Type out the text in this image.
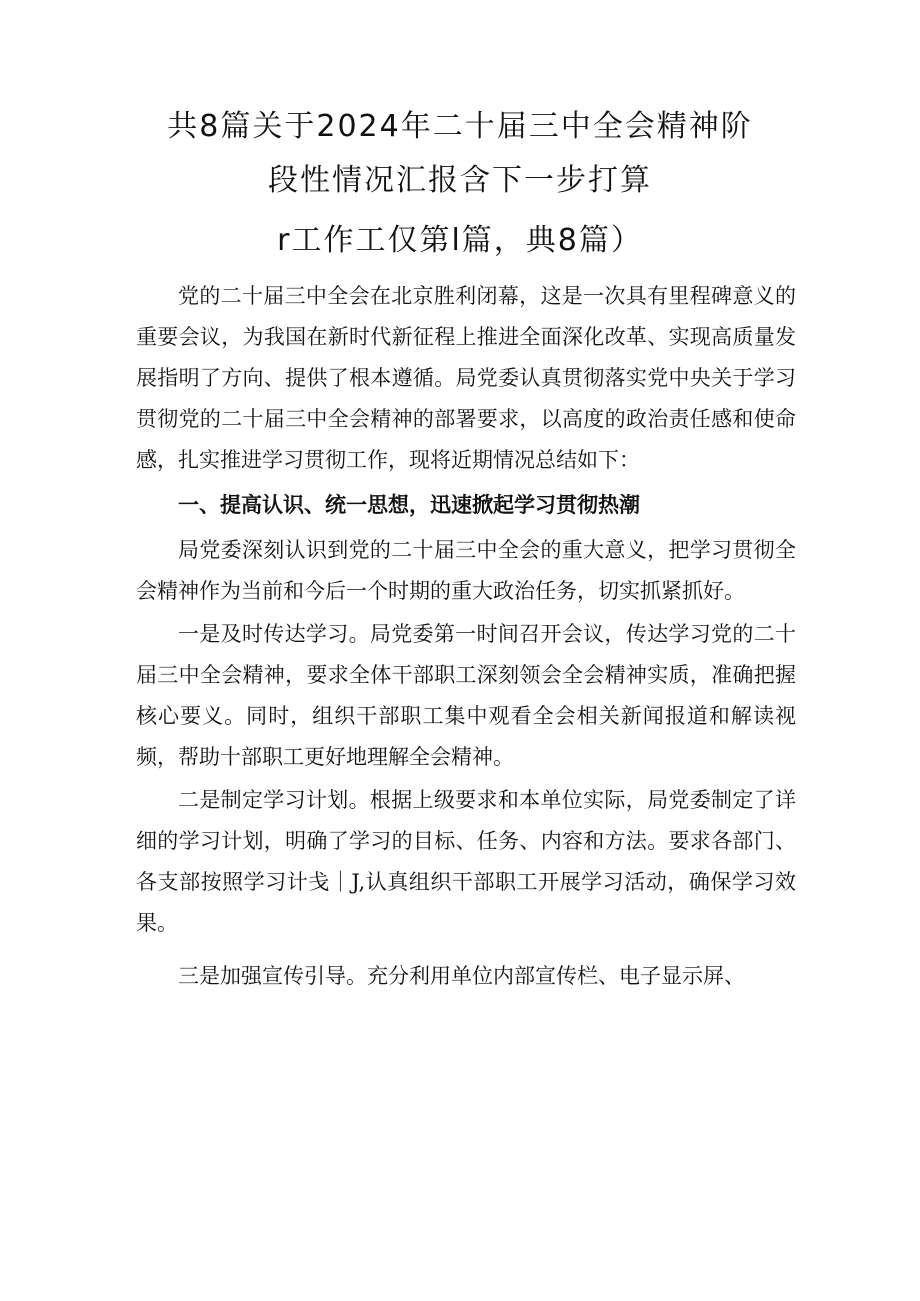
共8篇关于2024年二十届三中全会精神阶
段性情况汇报含下一步打算
r工作工仅第l篇，典8篇）

党的二十届三中全会在北京胜利闭幕，这是一次具有里程碑意义的重要会议，为我国在新时代新征程上推进全面深化改革、实现高质量发展指明了方向、提供了根本遵循。局党委认真贯彻落实党中央关于学习贯彻党的二十届三中全会精神的部署要求，以高度的政治责任感和使命感，扎实推进学习贯彻工作，现将近期情况总结如下：

一、提高认识、统一思想，迅速掀起学习贯彻热潮

局党委深刻认识到党的二十届三中全会的重大意义，把学习贯彻全会精神作为当前和今后一个时期的重大政治任务，切实抓紧抓好。

一是及时传达学习。局党委第一时间召开会议，传达学习党的二十届三中全会精神，要求全体干部职工深刻领会全会精神实质，准确把握核心要义。同时，组织干部职工集中观看全会相关新闻报道和解读视频，帮助十部职工更好地理解全会精神。

二是制定学习计划。根据上级要求和本单位实际，局党委制定了详细的学习计划，明确了学习的目标、任务、内容和方法。要求各部门、各支部按照学习计戋｜J,认真组织干部职工开展学习活动，确保学习效果。

三是加强宣传引导。充分利用单位内部宣传栏、电子显示屏、
